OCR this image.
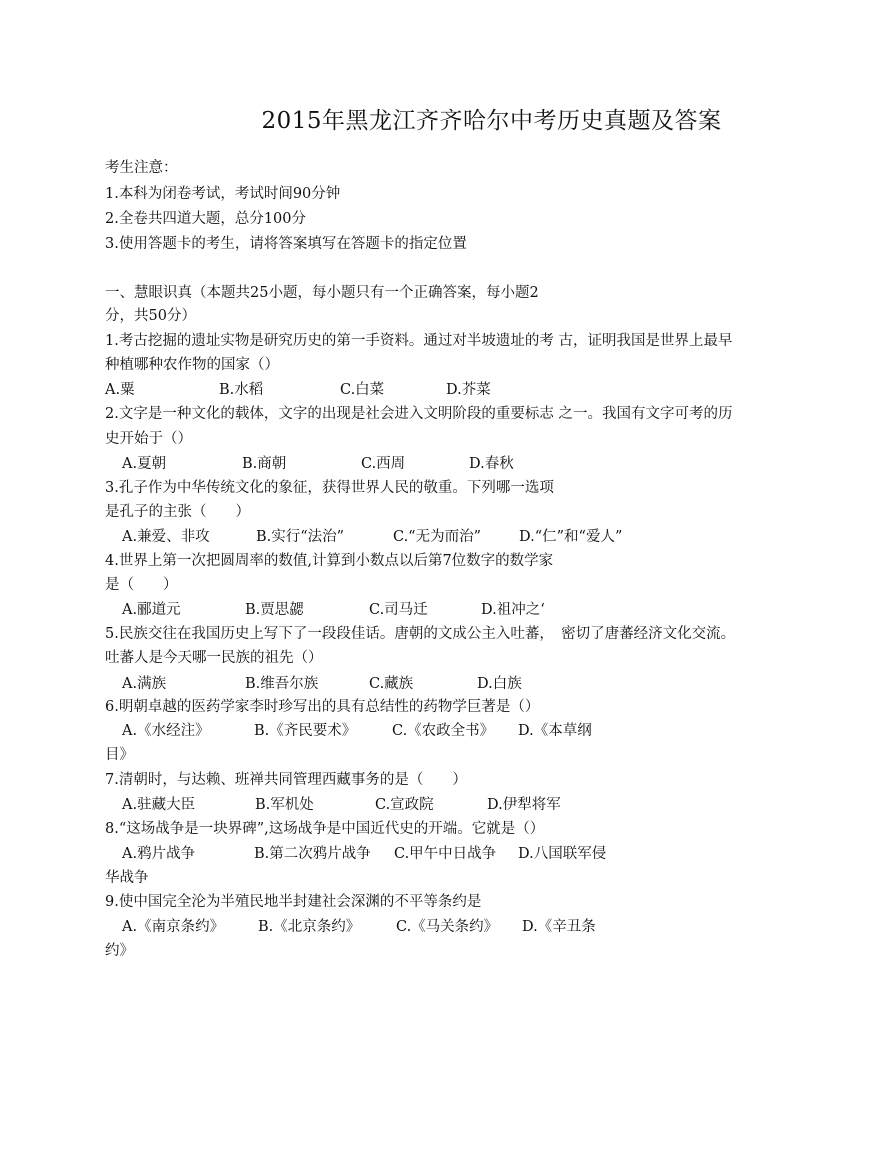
2015年黑龙江齐齐哈尔中考历史真题及答案
考生注意：
1.本科为闭卷考试，考试时间90分钟
2.全卷共四道大题，总分100分
3.使用答题卡的考生，请将答案填写在答题卡的指定位置
一、慧眼识真（本题共25小题，每小题只有一个正确答案，每小题2
分，共50分）
1.考古挖掘的遗址实物是研究历史的第一手资料。通过对半坡遗址的考 古，证明我国是世界上最早
种植哪种农作物的国家（）
A.粟	B.水稻	C.白菜	D.芥菜
2.文字是一种文化的载体，文字的出现是社会进入文明阶段的重要标志 之一。我国有文字可考的历
史开始于（）
A.夏朝	B.商朝	C.西周	D.春秋
3.孔子作为中华传统文化的象征，获得世界人民的敬重。下列哪一选项
是孔子的主张（　　）
A.兼爱、非攻	B.实行“法治”	C.“无为而治”	D.“仁”和“爱人”
4.世界上第一次把圆周率的数值,计算到小数点以后第7位数字的数学家
是（　　）
A.郦道元	B.贾思勰	C.司马迁	D.祖冲之‘
5.民族交往在我国历史上写下了一段段佳话。唐朝的文成公主入吐蕃，　密切了唐蕃经济文化交流。
吐蕃人是今天哪一民族的祖先（）
A.满族	B.维吾尔族	C.藏族	D.白族
6.明朝卓越的医药学家李时珍写出的具有总结性的药物学巨著是（）
A.《水经注》	B.《齐民要术》 C.《农政全书》 D.《本草纲
目》
7.清朝时，与达赖、班禅共同管理西藏事务的是（　　）
A.驻藏大臣	B.军机处	C.宣政院	D.伊犁将军
8.“这场战争是一块界碑”,这场战争是中国近代史的开端。它就是（）
A.鸦片战争	B.第二次鸦片战争 C.甲午中日战争 D.八国联军侵
华战争
9.使中国完全沦为半殖民地半封建社会深渊的不平等条约是
A.《南京条约》 B.《北京条约》 C.《马关条约》 D.《辛丑条
约》
